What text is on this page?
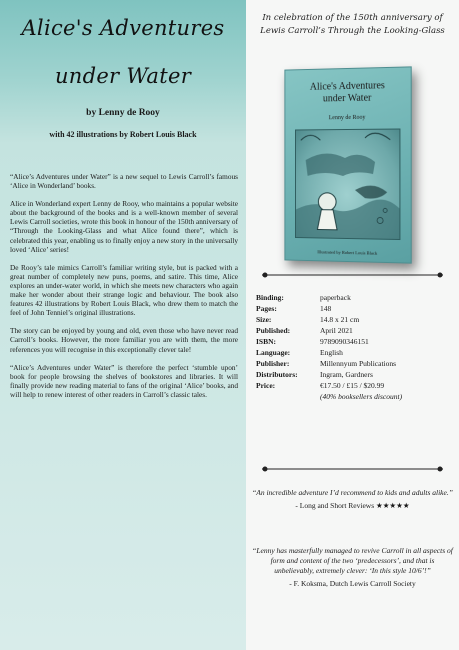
Alice's Adventures
under Water
by Lenny de Rooy
with 42 illustrations by Robert Louis Black

“Alice’s Adventures under Water” is a new sequel to Lewis Carroll’s famous ‘Alice in Wonderland’ books.

Alice in Wonderland expert Lenny de Rooy, who maintains a popular website about the background of the books and is a well-known member of several Lewis Carroll societies, wrote this book in honour of the 150th anniversary of “Through the Looking-Glass and what Alice found there”, which is celebrated this year, enabling us to finally enjoy a new story in the universally loved ‘Alice’ series!

De Rooy’s tale mimics Carroll’s familiar writing style, but is packed with a great number of completely new puns, poems, and satire. This time, Alice explores an under-water world, in which she meets new characters who again make her wonder about their strange logic and behaviour. The book also features 42 illustrations by Robert Louis Black, who drew them to match the feel of John Tenniel’s original illustrations.

The story can be enjoyed by young and old, even those who have never read Carroll’s books. However, the more familiar you are with them, the more references you will recognise in this exceptionally clever tale!

“Alice’s Adventures under Water” is therefore the perfect ‘stumble upon’ book for people browsing the shelves of bookstores and libraries. It will finally provide new reading material to fans of the original ‘Alice’ books, and will help to renew interest of other readers in Carroll’s classic tales.

In celebration of the 150th anniversary of
Lewis Carroll’s Through the Looking-Glass
Alice's Adventures
under Water
Lenny de Rooy
Illustrated by Robert Louis Black
Binding:	paperback
Pages:	148
Size:	14.8 x 21 cm
Published:	April 2021
ISBN:	9789090346151
Language:	English
Publisher:	Millennyum Publications
Distributors:	Ingram, Gardners
Price:	€17.50 / £15 / $20.99
(40% booksellers discount)
“An incredible adventure I’d recommend to kids and adults alike.”
- Long and Short Reviews ★★★★★
“Lenny has masterfully managed to revive Carroll in all aspects of form and content of the two ‘predecessors’, and that is unbelievably, extremely clever: ‘In this style 10/6’!”
- F. Koksma, Dutch Lewis Carroll Society
